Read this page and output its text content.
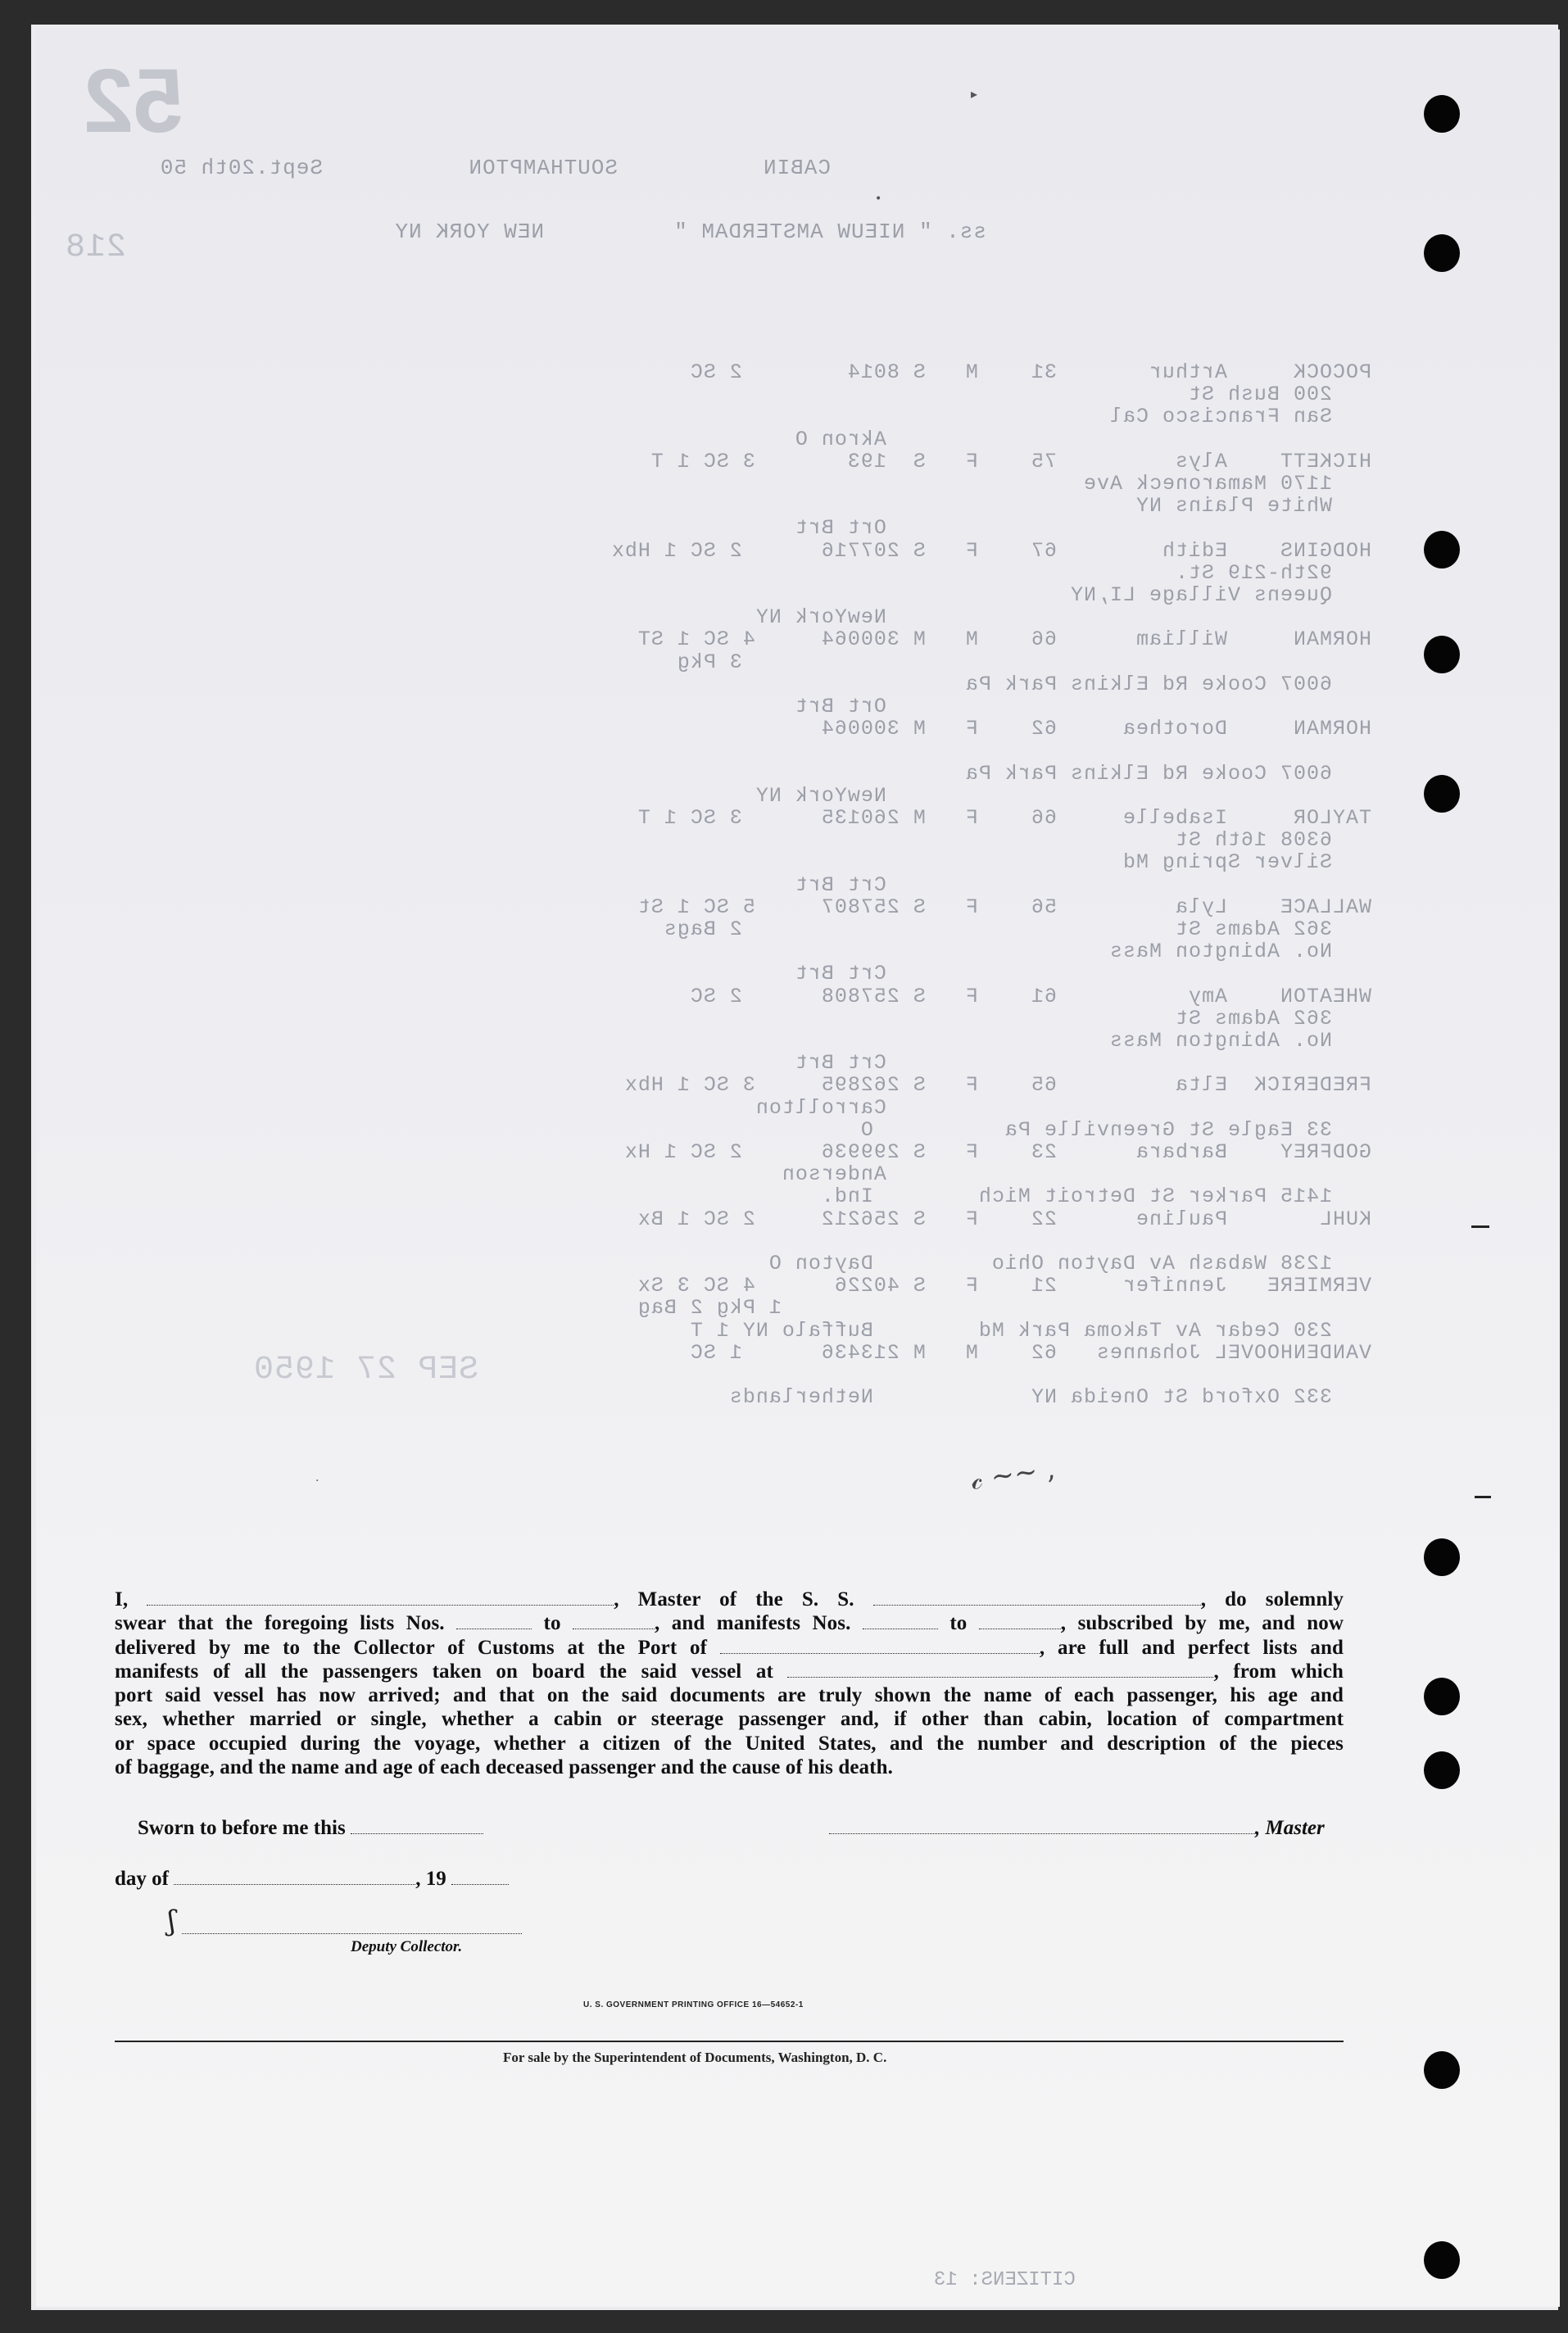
52
CABIN
SOUTHAMPTON
Sept.20th 50
ss. " NIEUW AMSTERDAM "
NEW YORK NY
218
POCOCK     Arthur       31    M   S 8014        2 SC
200 Bush St
San Francisco Cal
Akron O
HICKETT    Alys         75    F   S  193       3 SC 1 T
1170 Mamaroneck Ave
White Plains NY
Ort Brt
HODGINS    Edith        67    F   S 207716      2 SC 1 Hbx
92th-219 St.
Queens Village LI,NY
NewYork NY
HORMAN     William      66    M   M 300064     4 SC 1 ST
3 Pkg
6007 Cooke Rd Elkins Park Pa
Ort Brt
HORMAN     Dorothea     62    F   M 300064
6007 Cooke Rd Elkins Park Pa
NewYork NY
TAYLOR     Isabelle     66    F   M 260135      3 SC 1 T
6308 16th St
Silver Spring Md
Crt Brt
WALLACE    Lyla         56    F   S 257807     5 SC 1 St
362 Adams St                                 2 Bags
No. Abington Mass
Crt Brt
WHEATON    Amy          61    F   S 257808      2 SC
362 Adams St
No. Abington Mass
Crt Brt
FREDERICK  Elta         65    F   S 262895     3 SC 1 Hbx
Carrollton
33 Eagle St Greenville Pa          O
GODFREY    Barbara      23    F   S 299936      2 SC 1 Hx
Anderson
1415 Parker St Detroit Mich        Ind.
KUHL       Pauline      22    F   S 256212     2 SC 1 Bx
1238 Wabash Av Dayton Ohio         Dayton O
VERMIERE   Jennifer     21    F   S 40226      4 SC 3 Sx
1 Pkg 2 Bag
230 Cedar Av Takoma Park Md        Buffalo NY 1 T
VANDENHOOVEL Johannes   62    M   M 213436      1 SC
332 Oxford St Oneida NY            Netherlands
SEP 27 1950
▸
•
𝒸 ∼∼ ,
·

I,	, Master of the S. S.	, do solemnly

swear that the foregoing lists Nos.	to	, and manifests Nos.	to	, subscribed by me, and now

delivered by me to the Collector of Customs at the Port of	, are full and perfect lists and

manifests of all the passengers taken on board the said vessel at	, from which

port said vessel has now arrived; and that on the said documents are truly shown the name of each passenger, his age and

sex, whether married or single, whether a cabin or steerage passenger and, if other than cabin, location of compartment

or space occupied during the voyage, whether a citizen of the United States, and the number and description of the pieces

of baggage, and the name and age of each deceased passenger and the cause of his death.

Sworn to before me this	, Master
day of	, 19
ʃ
Deputy Collector.
U. S. GOVERNMENT PRINTING OFFICE 16—54652-1
For sale by the Superintendent of Documents, Washington, D. C.
CITIZENS: 13
